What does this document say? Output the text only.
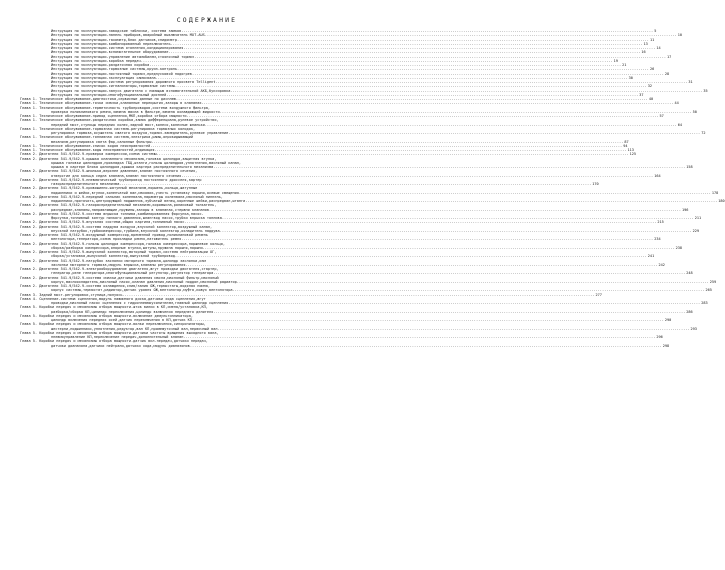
СОДЕРЖАНИЕ
Инструкция по эксплуатации-заводские таблички, система замков .....	5
Инструкция по эксплуатации-панель приборов,аварийный выключатель MOT-AUS .....	10
Инструкция по эксплуатации-тахометр,блок датчиков,спидометр .....	11
Инструкция по эксплуатации-комбинированный переключатель .....	13
Инструкция по эксплуатации-система отопления,кондиционирования .....	14
Инструкция по эксплуатации-вспомогательное оборудование .....	16
Инструкция по эксплуатации-управление автомобилем,стояночный тормоз .....	17
Инструкция по эксплуатации-коробка передач .....	19
Инструкция по эксплуатации-раздаточная коробка .....	21
Инструкция по эксплуатации-тормозные системы,круиз-контроль .....	26
Инструкция по эксплуатации-постоянный тормоз,предпусковой подогрев .....	28
Инструкция по эксплуатации-эксплуатация самосвала .....	30
Инструкция по эксплуатации-система регулирования дорожного просвета Telligent .....	31
Инструкция по эксплуатации-сигнализаторы,тормозные системы .....	32
Инструкция по эксплуатации-запуск двигателя с помощью вспомогательной АКБ,буксировка .....	35
Инструкция по эксплуатации-многофункциональный дисплей .....	37
Глава 1. Техническое обслуживание-диагностика,сервисные данные по дисплею .....	40
Глава 1. Техническое обслуживание-точки смазки,клапанные перекрытия,зазоры в клапанах .....	44
Глава 1. Техническое обслуживание-герметичность трубопроводов,система воздушного фильтра,
проверка поликлинового ремня,замена масла в фильтре,замена охлаждающей жидкости .....	50
Глава 1. Техническое обслуживание-привод сцепления,МКП,коробка отбора мощности .....	57
Глава 1. Техническое обслуживание-раздаточная коробка,замок дифференциала,рулевое устройство,
передний мост,ступицы передних колес,задний мост,колесо,колесные шпильки .....	64
Глава 1. Техническое обслуживание-тормозная система-регулировка тормозных колодок,
регулировка тормоза,осушитель сжатого воздуха,тормоз-замедлитель,рулевое управление .....	72
Глава 1. Техническое обслуживание-топливная система,электрика,рамы,опрокидывающий
механизм,регулировка света фар,салонные фильтры .....	87
Глава 1. Техническое обслуживание-список кодов неисправностей .....	94
Глава 1. Техническое обслуживание-коды неисправностей,индикация .....	113
Глава 2. Двигатели 541.9/542.9-проверка компрессии,схема системы .....	125
Глава 2. Двигатели 541.9/542.9-крышка клапанного механизма,головка цилиндра,защитная втулка,
крышка головки цилиндров,прокладка ГБЦ,штанги,гильзы цилиндров,уплотнения,масляный канал,
крышка в картере блока цилиндров,крышка картера распределительного механизма .....	158
Глава 2. Двигатели 541.9/542.9-шпилька,верхнее давление,клапан постоянного сечения,
отверстие для кольца седла клапана,клапан постоянного сечения .....	164
Глава 2. Двигатели 541.9/542.9-пневматический трубопровод постоянного дросселя,картер
газораспределительного механизма .....	170
Глава 2. Двигатели 541.9/542.9-кривошипно-шатунный механизм,поршень,кольца,шатунные
подшипники и шейки,втулки,коленчатый вал,маховик,учесть установку поршня,осевые смещения .....	178
Глава 2. Двигатели 541.9/542.9-передний сальник коленвала,параметры коленвала,масляный ниппель,
подшипники,проточить,центрирующий подшипник,зубчатый венец,коренные шейки,распредвал,штанги .....	180
Глава 2. Двигатели 541.9/542.9-газораспределительный механизм,коромысла,роликовый толкатель,
распредвал,клапаны,направляющие,пружины,зазоры в клапанах,стержни клапанов .....	196
Глава 2. Двигатели 541.9/542.9-система впрыска топлива,комбинированная форсунка,насос-
форсунка,топливный контур низкого давления,шлангвод насос,трубки впрыска топлива .....	211
Глава 2. Двигатели 541.9/542.9-впускная система,общая картина,топливный насос .....	215
Глава 2. Двигатели 541.9/542.9-система наддува воздуха,впускной коллектор,воздушный канал,
впускной патрубок,турбокомпрессор,турбина,впускной коллектор,охладитель наддува .....	229
Глава 2. Двигатели 541.9/542.9-воздушный компрессор,временной привод,поликлиновой ремень
вентилятора,генератора,схема прокладки ремня,натяжитель ремня .....	234
Глава 2. Двигатели 541.9/542.9-гильзы цилиндра компрессора,головка компрессора,поршневое кольцо,
сборка/разборка компрессора,опорные втулки,шатуны,пружина поршня,поршни .....	238
Глава 2. Двигатели 541.9/542.9-выпускной коллектор,моторный тормоз,система нейтрализации ОГ,
сборка/установка,выпускной коллектор,выпускной трубопровод .....	241
Глава 2. Двигатели 541.9/542.9-патрубок заслонки моторного тормоза,цилиндр заслонки,изм
заслонки моторного тормоза,модуль впрыска,клапаны регулирования .....	242
Глава 2. Двигатели 541.9/542.9-электрооборудование двигателя,жгут проводки двигателя,стартер,
генератор,реле генератора,многофункциональный регулятор,регулятор генератора .....	248
Глава 2. Двигатели 541.9/542.9-система смазки,датчики давления масла,масляный фильтр,масляный
корпус,маслоохладитель,масляный насос,клапан давления,масляный поддон,масляный радиатор .....	259
Глава 2. Двигатели 541.9/542.9-система охлаждения,слив/залив ОЖ,термостаты,водяная помпа,
корпус системы,термостат,радиатор,датчик уровня ОЖ,вентилятор,муфта,кожух вентилятора .....	265
Глава 3. Задний мост-регулировки,ступица,полуось .....	277
Глава 4. Сцепление-система сцепления,модуль нажимного диска,датчики хода сцепления,жгут
проводки,масляный насос сцепления с гидропневмоусилителем,главный цилиндр сцепления .....	283
Глава 5. Коробки передач и механизмы отбора мощности-шток вилки в КП,смена/установка,КП,
разборка/сборка КП,цилиндр переключения,цилиндр включения переднего делителя .....	286
Глава 5. Коробки передач и механизмы отбора мощности-включение демультипликатора,
цилиндр включения передних осей,датчик переключения в КП,датчик КП .....	290
Глава 5. Коробки передач и механизмы отбора мощности-вилки переключения,синхронизаторы,
шестерни,подшипники,уплотнения,редуктор,вал КП,промежуточный вал,первичный вал .....	293
Глава 5. Коробки передач и механизмы отбора мощности-датчики частоты вращения выходного вала,
пневмоуправление КП,переключение передач,дополнительный клапан .....	296
Глава 5. Коробки передач и механизмы отбора мощности-датчик вкл.передач,датчики передач,
датчики диапазона,датчики нейтрали,датчики хода,модуль диапазонов .....	298
